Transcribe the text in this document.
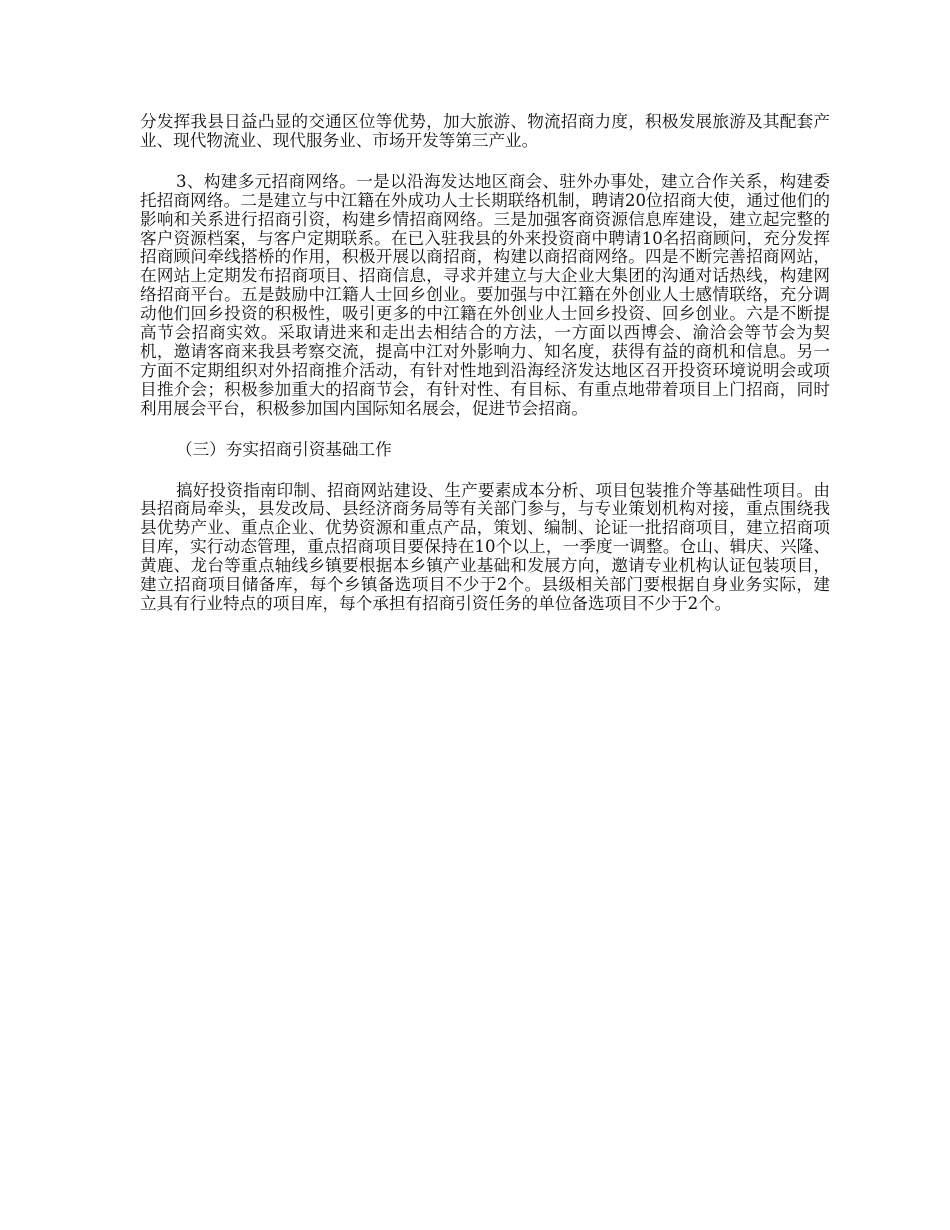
分发挥我县日益凸显的交通区位等优势，加大旅游、物流招商力度，积极发展旅游及其配套产业、现代物流业、现代服务业、市场开发等第三产业。

3、构建多元招商网络。一是以沿海发达地区商会、驻外办事处，建立合作关系，构建委托招商网络。二是建立与中江籍在外成功人士长期联络机制，聘请20位招商大使，通过他们的影响和关系进行招商引资，构建乡情招商网络。三是加强客商资源信息库建设，建立起完整的客户资源档案，与客户定期联系。在已入驻我县的外来投资商中聘请10名招商顾问，充分发挥招商顾问牵线搭桥的作用，积极开展以商招商，构建以商招商网络。四是不断完善招商网站，在网站上定期发布招商项目、招商信息，寻求并建立与大企业大集团的沟通对话热线，构建网络招商平台。五是鼓励中江籍人士回乡创业。要加强与中江籍在外创业人士感情联络，充分调动他们回乡投资的积极性，吸引更多的中江籍在外创业人士回乡投资、回乡创业。六是不断提高节会招商实效。采取请进来和走出去相结合的方法，一方面以西博会、渝洽会等节会为契机，邀请客商来我县考察交流，提高中江对外影响力、知名度，获得有益的商机和信息。另一方面不定期组织对外招商推介活动，有针对性地到沿海经济发达地区召开投资环境说明会或项目推介会；积极参加重大的招商节会，有针对性、有目标、有重点地带着项目上门招商，同时利用展会平台，积极参加国内国际知名展会，促进节会招商。

（三）夯实招商引资基础工作

搞好投资指南印制、招商网站建设、生产要素成本分析、项目包装推介等基础性项目。由县招商局牵头，县发改局、县经济商务局等有关部门参与，与专业策划机构对接，重点围绕我县优势产业、重点企业、优势资源和重点产品，策划、编制、论证一批招商项目，建立招商项目库，实行动态管理，重点招商项目要保持在10个以上，一季度一调整。仓山、辑庆、兴隆、黄鹿、龙台等重点轴线乡镇要根据本乡镇产业基础和发展方向，邀请专业机构认证包装项目，建立招商项目储备库，每个乡镇备选项目不少于2个。县级相关部门要根据自身业务实际，建立具有行业特点的项目库，每个承担有招商引资任务的单位备选项目不少于2个。
